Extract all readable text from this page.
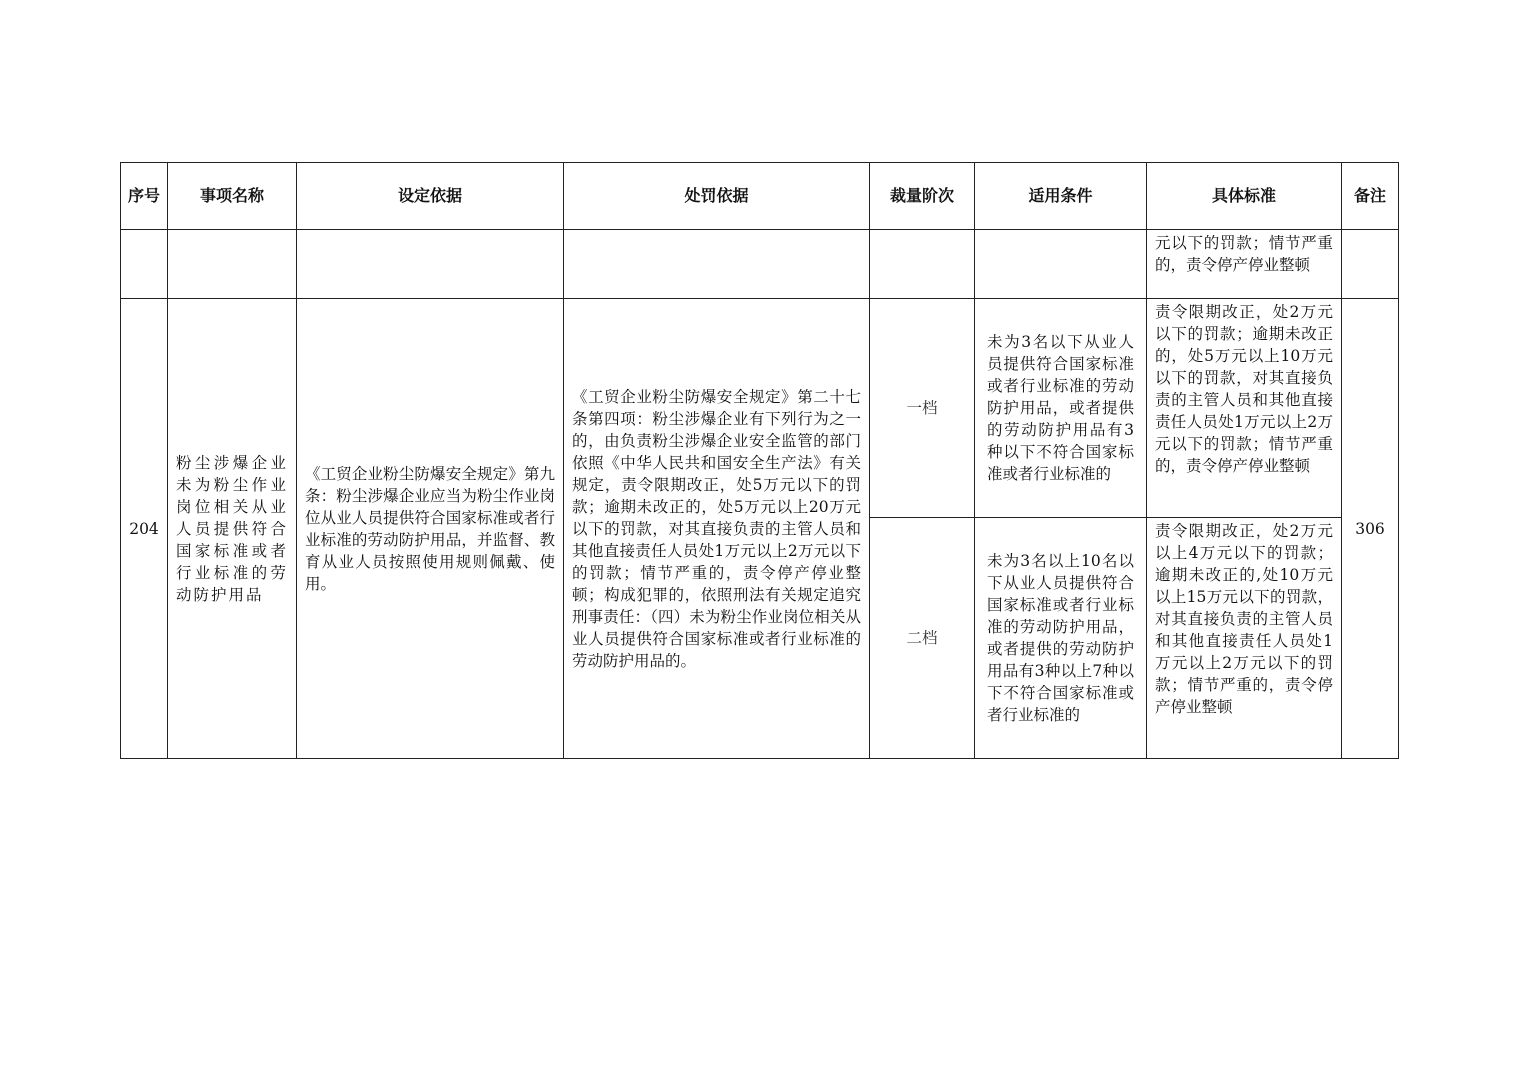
序号	事项名称	设定依据	处罚依据	裁量阶次	适用条件	具体标准	备注
						元以下的罚款；情节严重的，责令停产停业整顿	
204	粉尘涉爆企业未为粉尘作业岗位相关从业人员提供符合国家标准或者行业标准的劳动防护用品	《工贸企业粉尘防爆安全规定》第九条：粉尘涉爆企业应当为粉尘作业岗位从业人员提供符合国家标准或者行业标准的劳动防护用品，并监督、教育从业人员按照使用规则佩戴、使用。	《工贸企业粉尘防爆安全规定》第二十七条第四项：粉尘涉爆企业有下列行为之一的，由负责粉尘涉爆企业安全监管的部门依照《中华人民共和国安全生产法》有关规定，责令限期改正，处5万元以下的罚款；逾期未改正的，处5万元以上20万元以下的罚款，对其直接负责的主管人员和其他直接责任人员处1万元以上2万元以下的罚款；情节严重的，责令停产停业整顿；构成犯罪的，依照刑法有关规定追究刑事责任：（四）未为粉尘作业岗位相关从业人员提供符合国家标准或者行业标准的劳动防护用品的。	一档	未为3名以下从业人员提供符合国家标准或者行业标准的劳动防护用品，或者提供的劳动防护用品有3种以下不符合国家标准或者行业标准的	责令限期改正，处2万元以下的罚款；逾期未改正的，处5万元以上10万元以下的罚款，对其直接负责的主管人员和其他直接责任人员处1万元以上2万元以下的罚款；情节严重的，责令停产停业整顿	306
				二档	未为3名以上10名以下从业人员提供符合国家标准或者行业标准的劳动防护用品，或者提供的劳动防护用品有3种以上7种以下不符合国家标准或者行业标准的	责令限期改正，处2万元以上4万元以下的罚款；逾期未改正的,处10万元以上15万元以下的罚款，对其直接负责的主管人员和其他直接责任人员处1万元以上2万元以下的罚款；情节严重的，责令停产停业整顿	
